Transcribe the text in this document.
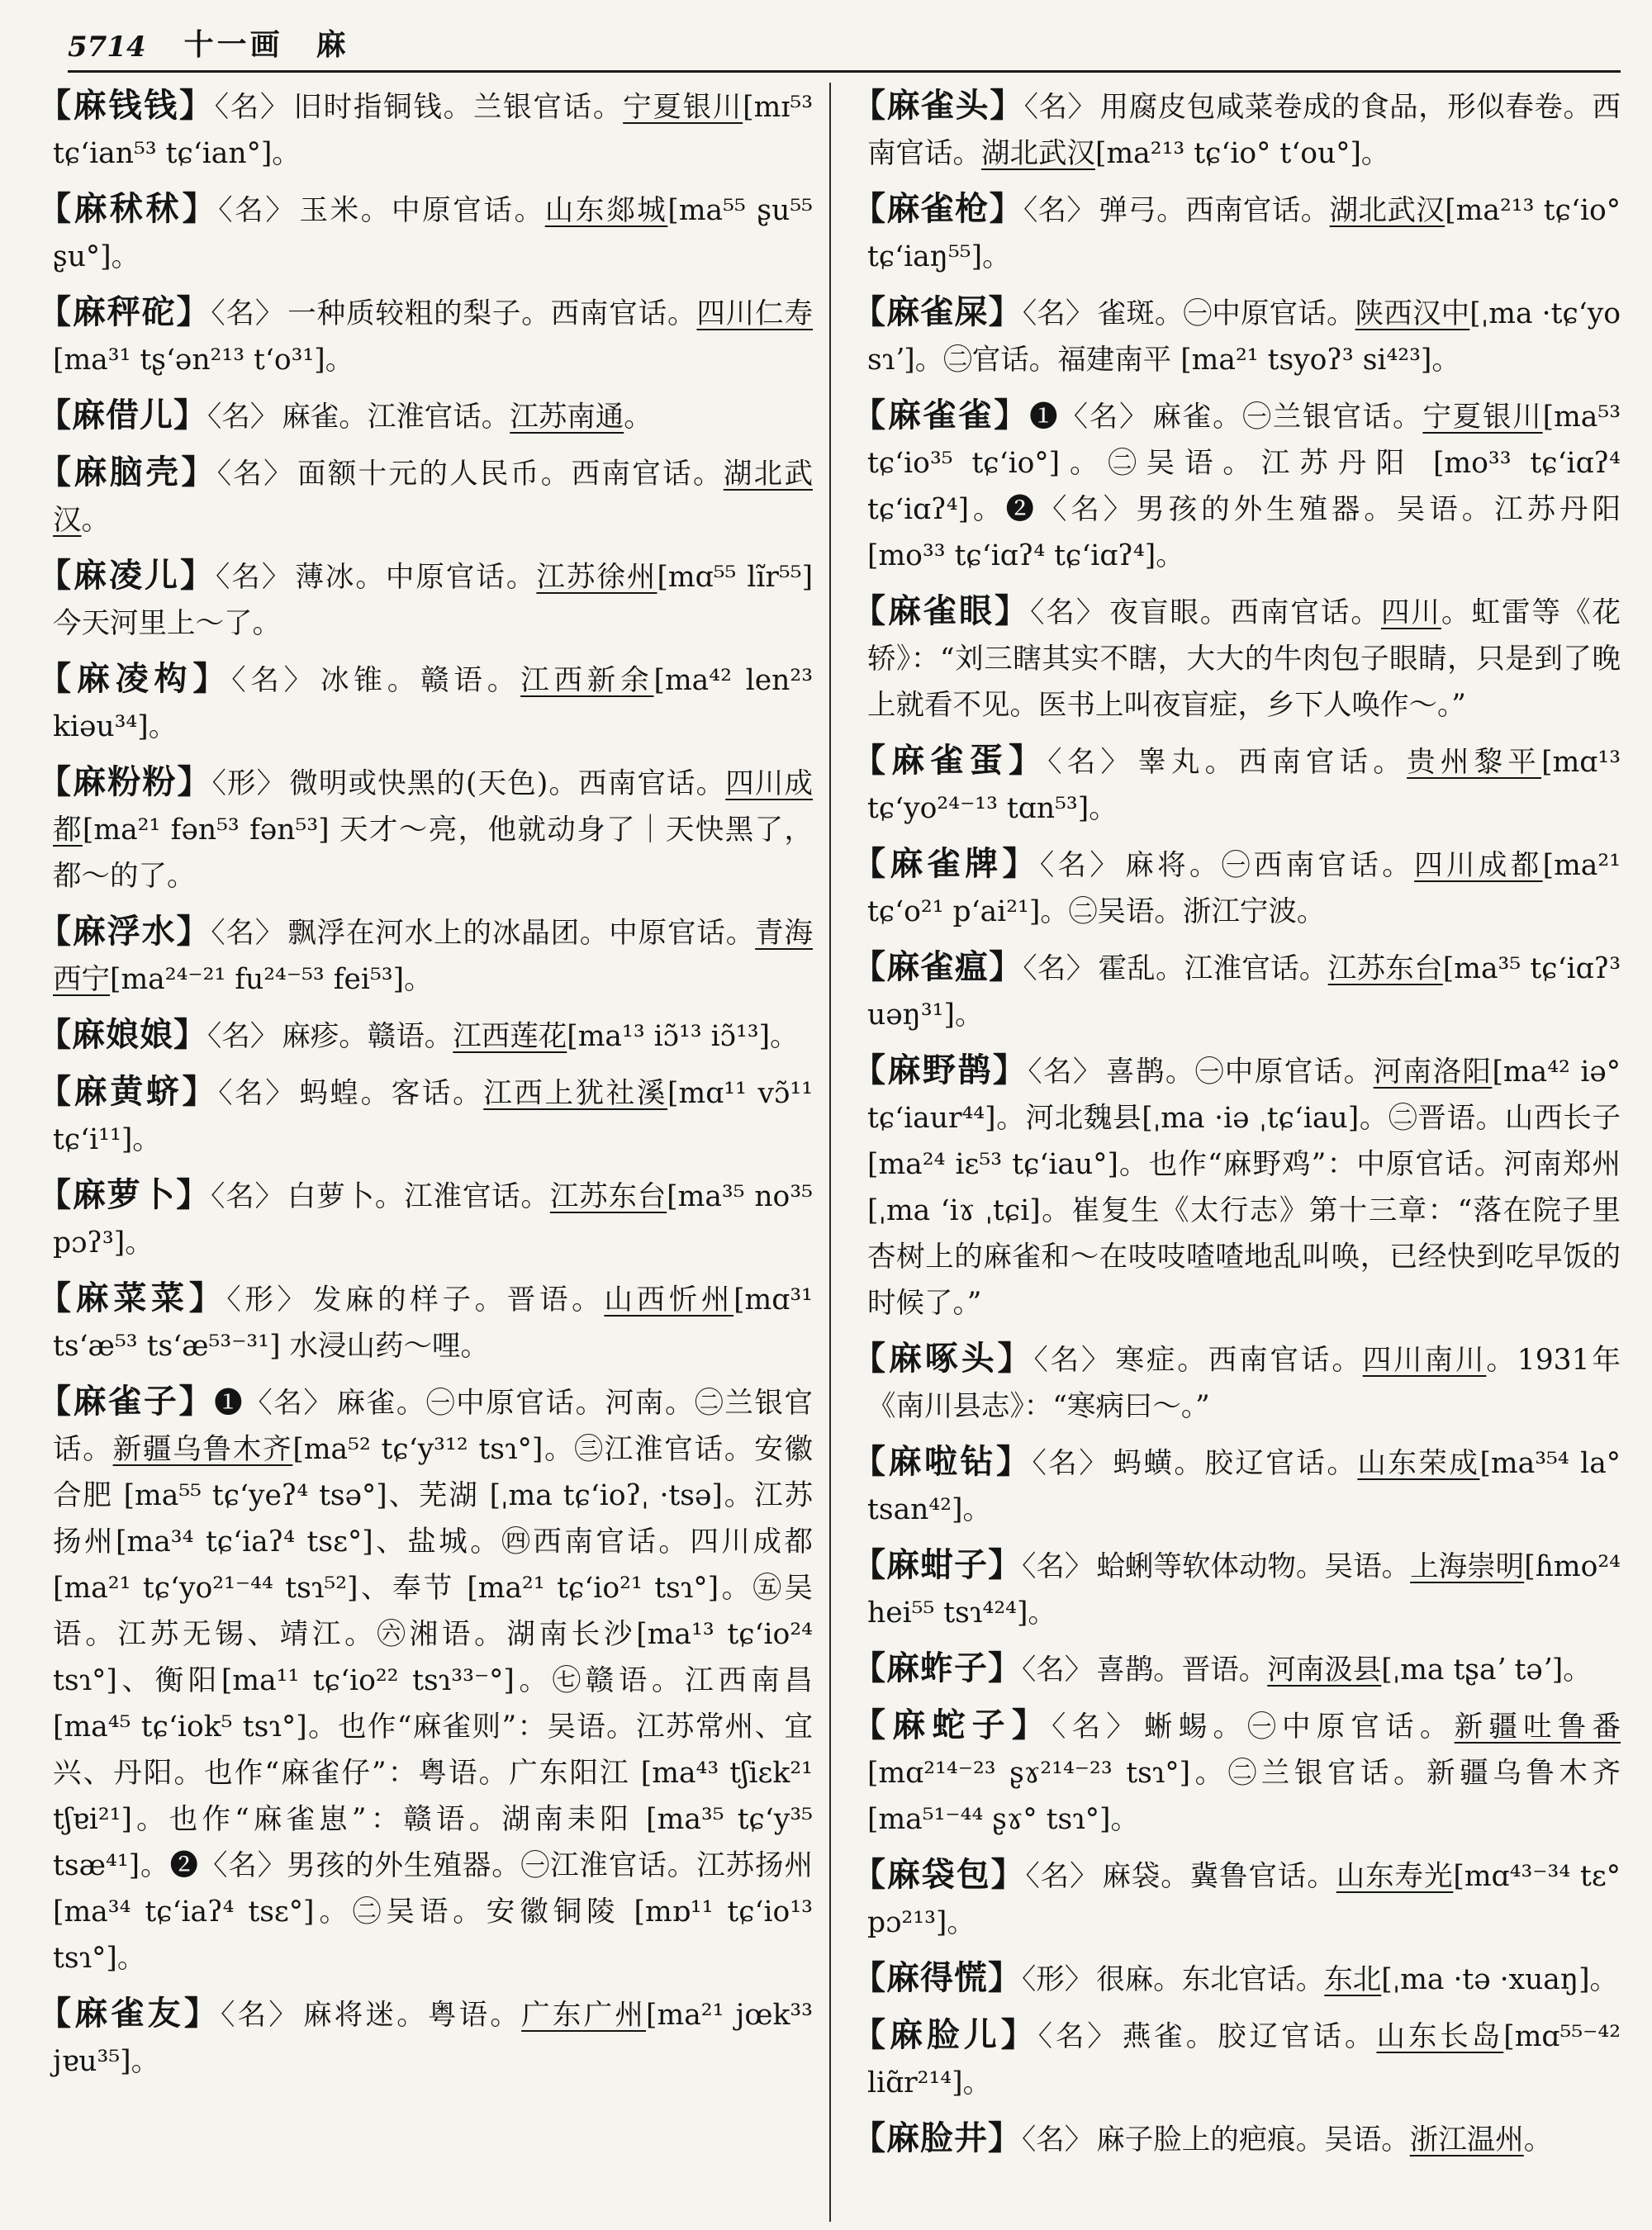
5714 十一画　麻

【麻钱钱】〈名〉 旧时指铜钱。兰银官话。宁夏银川[mɪ⁵³ tɕʻian⁵³ tɕʻian°]。

【麻秫秫】〈名〉 玉米。中原官话。山东郯城[ma⁵⁵ ʂu⁵⁵ ʂu°]。

【麻秤砣】〈名〉 一种质较粗的梨子。西南官话。四川仁寿[ma³¹ tʂʻən²¹³ tʻo³¹]。

【麻借儿】〈名〉 麻雀。江淮官话。江苏南通。

【麻脑壳】〈名〉 面额十元的人民币。西南官话。湖北武汉。

【麻凌儿】〈名〉 薄冰。中原官话。江苏徐州[mɑ⁵⁵ lĩr⁵⁵] 今天河里上～了。

【麻凌构】〈名〉 冰锥。赣语。江西新余[ma⁴² len²³ kiəu³⁴]。

【麻粉粉】〈形〉 微明或快黑的(天色)。西南官话。四川成都[ma²¹ fən⁵³ fən⁵³] 天才～亮，他就动身了｜天快黑了，都～的了。

【麻浮水】〈名〉 飘浮在河水上的冰晶团。中原官话。青海西宁[ma²⁴⁻²¹ fu²⁴⁻⁵³ fei⁵³]。

【麻娘娘】〈名〉 麻疹。赣语。江西莲花[ma¹³ iɔ̃¹³ iɔ̃¹³]。

【麻黄蛴】〈名〉 蚂蝗。客话。江西上犹社溪[mɑ¹¹ vɔ̃¹¹ tɕʻi¹¹]。

【麻萝卜】〈名〉 白萝卜。江淮官话。江苏东台[ma³⁵ no³⁵ pɔʔ³]。

【麻菜菜】〈形〉 发麻的样子。晋语。山西忻州[mɑ³¹ tsʻæ⁵³ tsʻæ⁵³⁻³¹] 水浸山药～哩。

【麻雀子】❶〈名〉 麻雀。㊀中原官话。河南。㊁兰银官话。新疆乌鲁木齐[ma⁵² tɕʻy³¹² tsɿ°]。㊂江淮官话。安徽合肥 [ma⁵⁵ tɕʻyeʔ⁴ tsə°]、芜湖 [ˌma tɕʻioʔˌ ·tsə]。江苏扬州[ma³⁴ tɕʻiaʔ⁴ tsɛ°]、盐城。㊃西南官话。四川成都 [ma²¹ tɕʻyo²¹⁻⁴⁴ tsɿ⁵²]、奉节 [ma²¹ tɕʻio²¹ tsɿ°]。㊄吴语。江苏无锡、靖江。㊅湘语。湖南长沙[ma¹³ tɕʻio²⁴ tsɿ°]、衡阳[ma¹¹ tɕʻio²² tsɿ³³⁻°]。㊆赣语。江西南昌 [ma⁴⁵ tɕʻiok⁵ tsɿ°]。也作“麻雀则”：吴语。江苏常州、宜兴、丹阳。也作“麻雀仔”：粤语。广东阳江 [ma⁴³ tʃiɛk²¹ tʃɐi²¹]。也作“麻雀崽”：赣语。湖南耒阳 [ma³⁵ tɕʻy³⁵ tsæ⁴¹]。❷〈名〉男孩的外生殖器。㊀江淮官话。江苏扬州 [ma³⁴ tɕʻiaʔ⁴ tsɛ°]。㊁吴语。安徽铜陵 [mɒ¹¹ tɕʻio¹³ tsɿ°]。

【麻雀友】〈名〉 麻将迷。粤语。广东广州[ma²¹ jœk³³ jɐu³⁵]。

【麻雀头】〈名〉 用腐皮包咸菜卷成的食品，形似春卷。西南官话。湖北武汉[ma²¹³ tɕʻio° tʻou°]。

【麻雀枪】〈名〉 弹弓。西南官话。湖北武汉[ma²¹³ tɕʻio° tɕʻiaŋ⁵⁵]。

【麻雀屎】〈名〉 雀斑。㊀中原官话。陕西汉中[ˌma ·tɕʻyo sɿʼ]。㊁官话。福建南平 [ma²¹ tsyoʔ³ si⁴²³]。

【麻雀雀】❶〈名〉 麻雀。㊀兰银官话。宁夏银川[ma⁵³ tɕʻio³⁵ tɕʻio°]。㊁吴语。江苏丹阳 [mo³³ tɕʻiɑʔ⁴ tɕʻiɑʔ⁴]。❷〈名〉男孩的外生殖器。吴语。江苏丹阳 [mo³³ tɕʻiɑʔ⁴ tɕʻiɑʔ⁴]。

【麻雀眼】〈名〉 夜盲眼。西南官话。四川。虹雷等《花轿》：“刘三瞎其实不瞎，大大的牛肉包子眼睛，只是到了晚上就看不见。医书上叫夜盲症，乡下人唤作～。”

【麻雀蛋】〈名〉 睾丸。西南官话。贵州黎平[mɑ¹³ tɕʻyo²⁴⁻¹³ tɑn⁵³]。

【麻雀牌】〈名〉 麻将。㊀西南官话。四川成都[ma²¹ tɕʻo²¹ pʻai²¹]。㊁吴语。浙江宁波。

【麻雀瘟】〈名〉 霍乱。江淮官话。江苏东台[ma³⁵ tɕʻiɑʔ³ uəŋ³¹]。

【麻野鹊】〈名〉 喜鹊。㊀中原官话。河南洛阳[ma⁴² iə° tɕʻiaur⁴⁴]。河北魏县[ˌma ·iə ˌtɕʻiau]。㊁晋语。山西长子 [ma²⁴ iɛ⁵³ tɕʻiau°]。也作“麻野鸡”：中原官话。河南郑州 [ˌma ʻiɤ ˌtɕi]。崔复生《太行志》第十三章：“落在院子里杏树上的麻雀和～在吱吱喳喳地乱叫唤，已经快到吃早饭的时候了。”

【麻啄头】〈名〉 寒症。西南官话。四川南川。1931年《南川县志》：“寒病曰～。”

【麻啦钻】〈名〉 蚂蟥。胶辽官话。山东荣成[ma³⁵⁴ la° tsan⁴²]。

【麻蚶子】〈名〉 蛤蜊等软体动物。吴语。上海崇明[ɦmo²⁴ hei⁵⁵ tsɿ⁴²⁴]。

【麻蚱子】〈名〉 喜鹊。晋语。河南汲县[ˌma tʂaʼ təʼ]。

【麻蛇子】〈名〉 蜥蜴。㊀中原官话。新疆吐鲁番[mɑ²¹⁴⁻²³ ʂɤ²¹⁴⁻²³ tsɿ°]。㊁兰银官话。新疆乌鲁木齐 [ma⁵¹⁻⁴⁴ ʂɤ° tsɿ°]。

【麻袋包】〈名〉 麻袋。冀鲁官话。山东寿光[mɑ⁴³⁻³⁴ tɛ° pɔ²¹³]。

【麻得慌】〈形〉 很麻。东北官话。东北[ˌma ·tə ·xuaŋ]。

【麻脸儿】〈名〉 燕雀。胶辽官话。山东长岛[mɑ⁵⁵⁻⁴² liɑ̃r²¹⁴]。

【麻脸井】〈名〉 麻子脸上的疤痕。吴语。浙江温州。
